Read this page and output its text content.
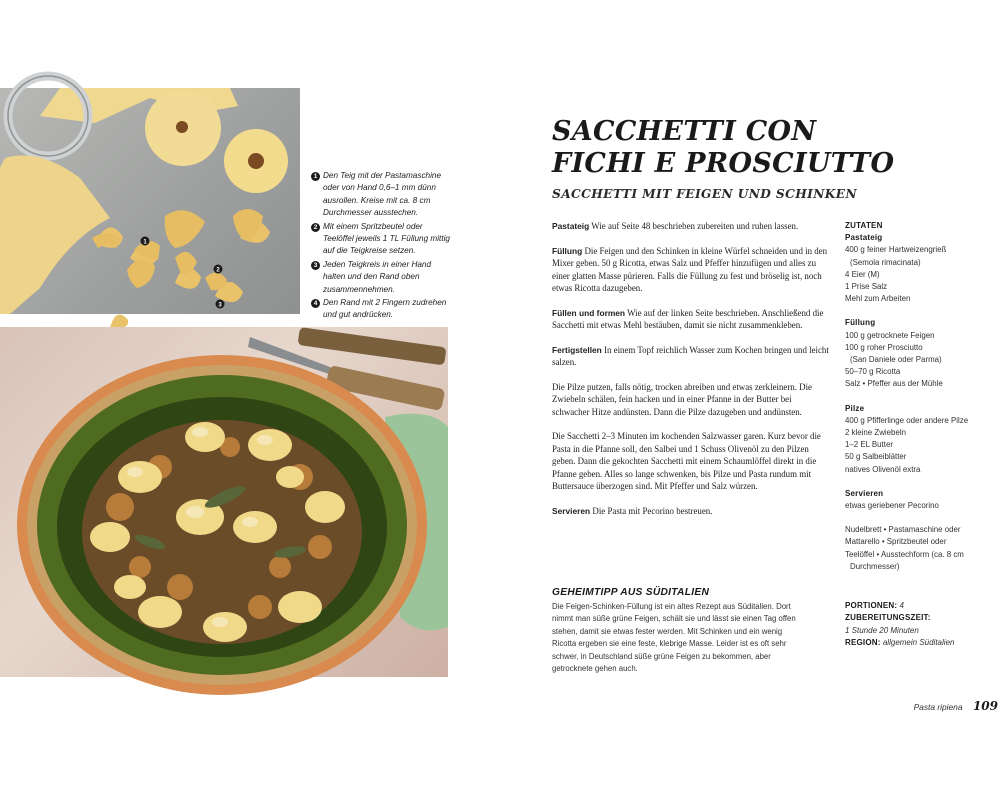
1
2
3
1 Den Teig mit der Pastamaschine oder von Hand 0,6–1 mm dünn ausrollen. Kreise mit ca. 8 cm Durchmesser ausstechen.
2 Mit einem Spritzbeutel oder Teelöffel jeweils 1 TL Füllung mittig auf die Teigkreise setzen.
3 Jeden Teigkreis in einer Hand halten und den Rand oben zusammennehmen.
4 Den Rand mit 2 Fingern zudrehen und gut andrücken.
SACCHETTI CON
FICHI E PROSCIUTTO
SACCHETTI MIT FEIGEN UND SCHINKEN

Pastateig Wie auf Seite 48 beschrieben zubereiten und ruhen lassen.

Füllung Die Feigen und den Schinken in kleine Würfel schneiden und in den Mixer geben. 50 g Ricotta, etwas Salz und Pfeffer hinzufügen und alles zu einer glatten Masse pürieren. Falls die Füllung zu fest und bröselig ist, noch etwas Ricotta dazugeben.

Füllen und formen Wie auf der linken Seite beschrieben. Anschließend die Sacchetti mit etwas Mehl bestäuben, damit sie nicht zusammenkleben.

Fertigstellen In einem Topf reichlich Wasser zum Kochen bringen und leicht salzen.

Die Pilze putzen, falls nötig, trocken abreiben und etwas zerkleinern. Die Zwiebeln schälen, fein hacken und in einer Pfanne in der Butter bei schwacher Hitze andünsten. Dann die Pilze dazugeben und andünsten.

Die Sacchetti 2–3 Minuten im kochenden Salzwasser garen. Kurz bevor die Pasta in die Pfanne soll, den Salbei und 1 Schuss Olivenöl zu den Pilzen geben. Dann die gekochten Sacchetti mit einem Schaumlöffel direkt in die Pfanne geben. Alles so lange schwenken, bis Pilze und Pasta rundum mit Buttersauce überzogen sind. Mit Pfeffer und Salz würzen.

Servieren Die Pasta mit Pecorino bestreuen.

GEHEIMTIPP AUS SÜDITALIEN

Die Feigen-Schinken-Füllung ist ein altes Rezept aus Süditalien. Dort nimmt man süße grüne Feigen, schält sie und lässt sie einen Tag offen stehen, damit sie etwas fester werden. Mit Schinken und ein wenig Ricotta ergeben sie eine feste, klebrige Masse. Leider ist es oft sehr schwer, in Deutschland süße grüne Feigen zu bekommen, aber getrocknete gehen auch.

ZUTATEN
Pastateig
400 g feiner Hartweizengrieß
(Semola rimacinata)
4 Eier (M)
1 Prise Salz
Mehl zum Arbeiten
Füllung
100 g getrocknete Feigen
100 g roher Prosciutto
(San Daniele oder Parma)
50–70 g Ricotta
Salz • Pfeffer aus der Mühle
Pilze
400 g Pfifferlinge oder andere Pilze
2 kleine Zwiebeln
1–2 EL Butter
50 g Salbeiblätter
natives Olivenöl extra
Servieren
etwas geriebener Pecorino
Nudelbrett • Pastamaschine oder
Mattarello • Spritzbeutel oder
Teelöffel • Ausstechform (ca. 8 cm
Durchmesser)
PORTIONEN: 4
ZUBEREITUNGSZEIT:
1 Stunde 20 Minuten
REGION: allgemein Süditalien
Pasta ripiena 109
